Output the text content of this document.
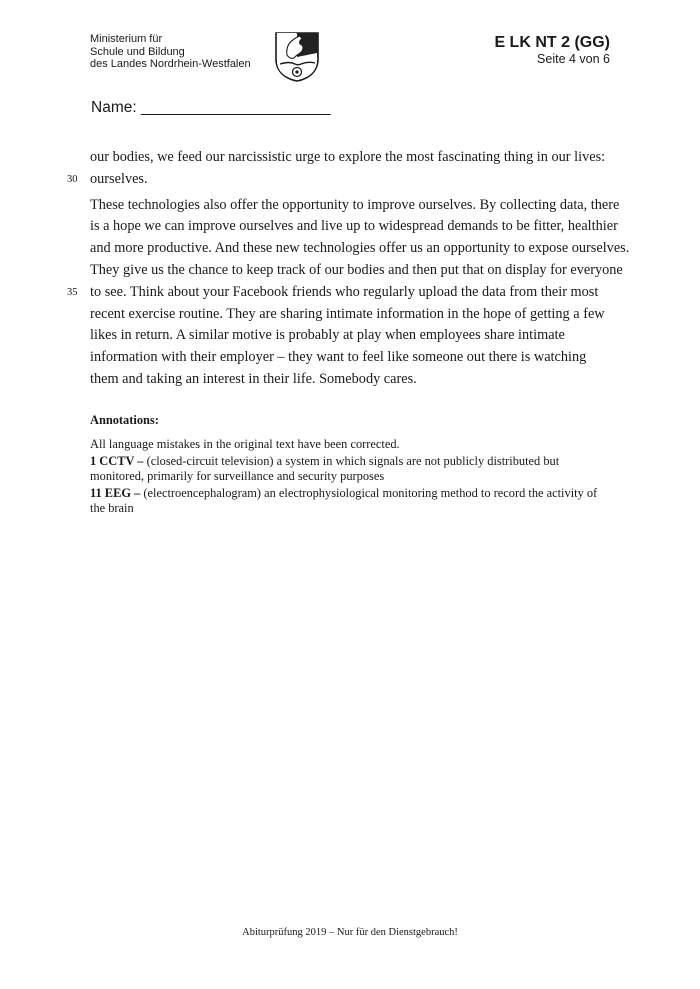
Ministerium für
Schule und Bildung
des Landes Nordrhein-Westfalen
E LK NT 2 (GG)
Seite 4 von 6
Name: ______________________
our bodies, we feed our narcissistic urge to explore the most fascinating thing in our lives:
30 ourselves.
These technologies also offer the opportunity to improve ourselves. By collecting data, there
is a hope we can improve ourselves and live up to widespread demands to be fitter, healthier
and more productive. And these new technologies offer us an opportunity to expose ourselves.
They give us the chance to keep track of our bodies and then put that on display for everyone
35 to see. Think about your Facebook friends who regularly upload the data from their most
recent exercise routine. They are sharing intimate information in the hope of getting a few
likes in return. A similar motive is probably at play when employees share intimate
information with their employer – they want to feel like someone out there is watching
them and taking an interest in their life. Somebody cares.
Annotations:
All language mistakes in the original text have been corrected.
1 CCTV – (closed-circuit television) a system in which signals are not publicly distributed but monitored, primarily for surveillance and security purposes
11 EEG – (electroencephalogram) an electrophysiological monitoring method to record the activity of the brain
Abiturprüfung 2019 – Nur für den Dienstgebrauch!
